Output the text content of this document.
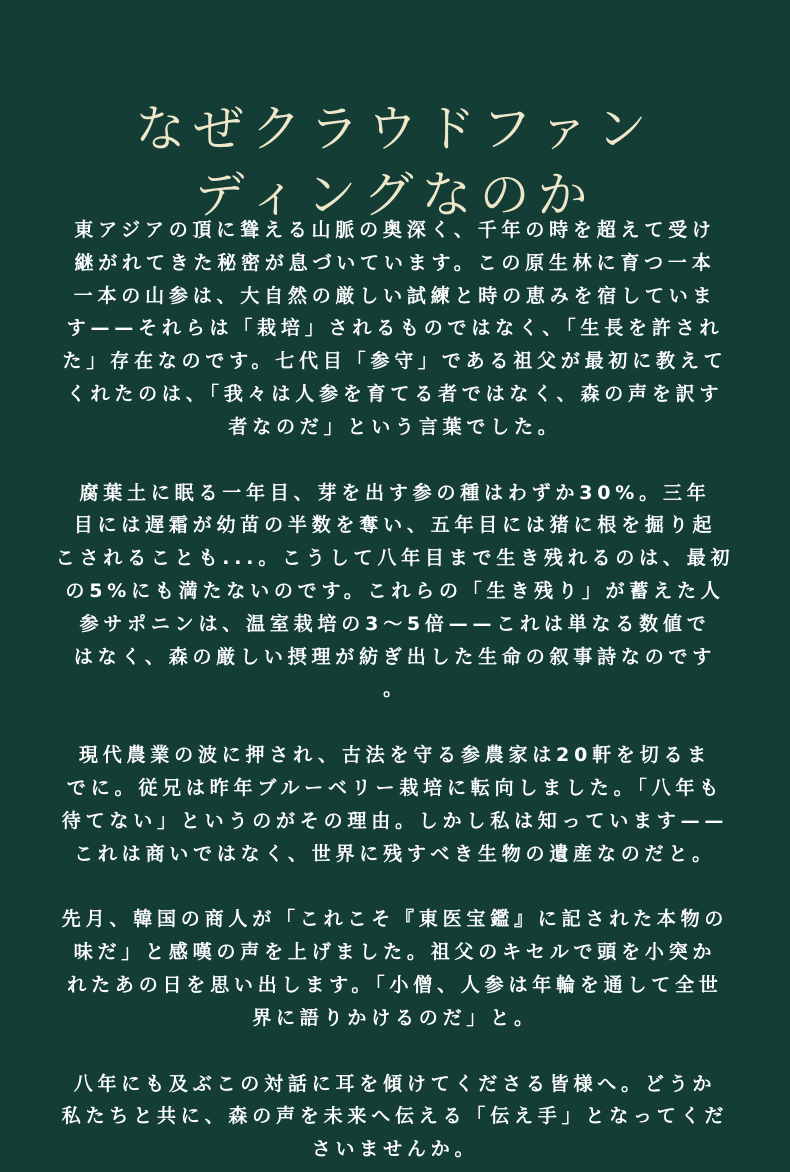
なぜクラウドファン
ディングなのか

東アジアの頂に聳える山脈の奥深く、千年の時を超えて受け
継がれてきた秘密が息づいています。この原生林に育つ一本
一本の山参は、大自然の厳しい試練と時の恵みを宿していま
す——それらは「栽培」されるものではなく、「生長を許され
た」存在なのです。七代目「参守」である祖父が最初に教えて
くれたのは、「我々は人参を育てる者ではなく、森の声を訳す
者なのだ」という言葉でした。

腐葉土に眠る一年目、芽を出す参の種はわずか30%。三年
目には遅霜が幼苗の半数を奪い、五年目には猪に根を掘り起
こされることも...。こうして八年目まで生き残れるのは、最初
の5%にも満たないのです。これらの「生き残り」が蓄えた人
参サポニンは、温室栽培の3～5倍——これは単なる数値で
はなく、森の厳しい摂理が紡ぎ出した生命の叙事詩なのです
。

現代農業の波に押され、古法を守る参農家は20軒を切るま
でに。従兄は昨年ブルーベリー栽培に転向しました。「八年も
待てない」というのがその理由。しかし私は知っています——
これは商いではなく、世界に残すべき生物の遺産なのだと。

先月、韓国の商人が「これこそ『東医宝鑑』に記された本物の
味だ」と感嘆の声を上げました。祖父のキセルで頭を小突か
れたあの日を思い出します。「小僧、人参は年輪を通して全世
界に語りかけるのだ」と。

八年にも及ぶこの対話に耳を傾けてくださる皆様へ。どうか
私たちと共に、森の声を未来へ伝える「伝え手」となってくだ
さいませんか。
